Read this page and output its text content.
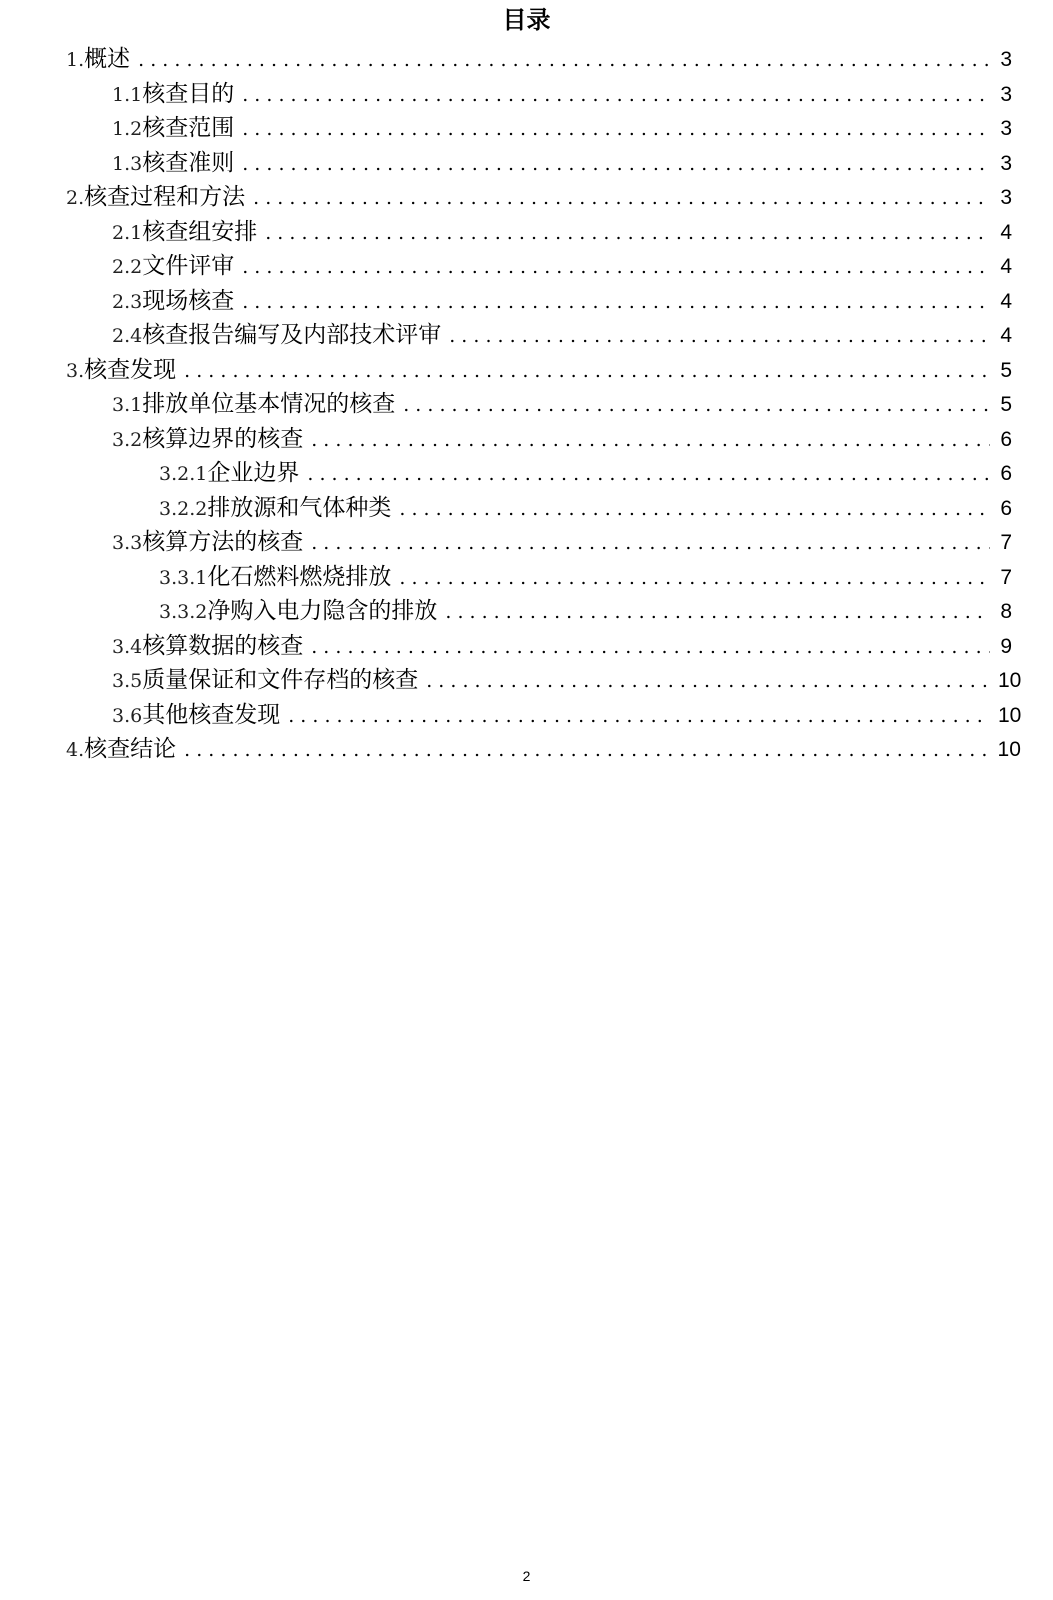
目录
1. 概述 . . .	3
1.1 核查目的 . . .	3
1.2 核查范围 . . .	3
1.3 核查准则 . . .	3
2. 核查过程和方法 . . .	3
2.1 核查组安排 . . .	4
2.2 文件评审 . . .	4
2.3 现场核查 . . .	4
2.4 核查报告编写及内部技术评审 . . .	4
3. 核查发现 . . .	5
3.1 排放单位基本情况的核查 . . .	5
3.2 核算边界的核查 . . .	6
3.2.1 企业边界 . . .	6
3.2.2 排放源和气体种类 . . .	6
3.3 核算方法的核查 . . .	7
3.3.1 化石燃料燃烧排放 . . .	7
3.3.2 净购入电力隐含的排放 . . .	8
3.4 核算数据的核查 . . .	9
3.5 质量保证和文件存档的核查 . . .	10
3.6 其他核查发现 . . .	10
4. 核查结论 . . .	10
2
